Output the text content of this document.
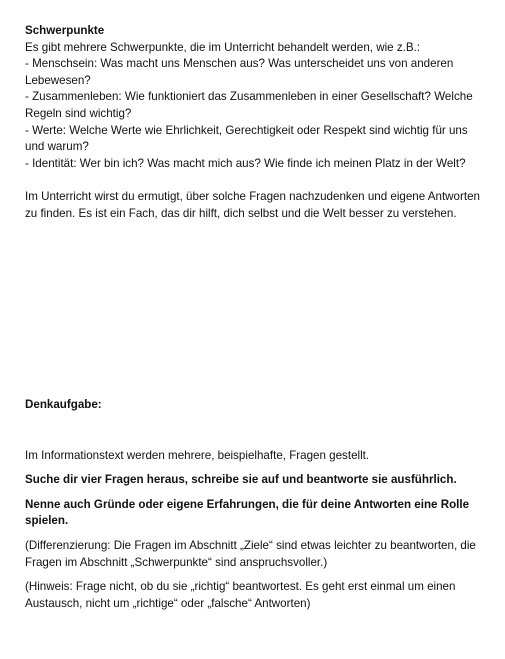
Schwerpunkte

Es gibt mehrere Schwerpunkte, die im Unterricht behandelt werden, wie z.B.:

- Menschsein: Was macht uns Menschen aus? Was unterscheidet uns von anderen Lebewesen?

- Zusammenleben: Wie funktioniert das Zusammenleben in einer Gesellschaft? Welche Regeln sind wichtig?

- Werte: Welche Werte wie Ehrlichkeit, Gerechtigkeit oder Respekt sind wichtig für uns und warum?

- Identität: Wer bin ich? Was macht mich aus? Wie finde ich meinen Platz in der Welt?

Im Unterricht wirst du ermutigt, über solche Fragen nachzudenken und eigene Antworten zu finden. Es ist ein Fach, das dir hilft, dich selbst und die Welt besser zu verstehen.

Denkaufgabe:

Im Informationstext werden mehrere, beispielhafte, Fragen gestellt.

Suche dir vier Fragen heraus, schreibe sie auf und beantworte sie ausführlich.

Nenne auch Gründe oder eigene Erfahrungen, die für deine Antworten eine Rolle spielen.

(Differenzierung: Die Fragen im Abschnitt „Ziele“ sind etwas leichter zu beantworten, die Fragen im Abschnitt „Schwerpunkte“ sind anspruchsvoller.)

(Hinweis: Frage nicht, ob du sie „richtig“ beantwortest. Es geht erst einmal um einen Austausch, nicht um „richtige“ oder „falsche“ Antworten)
